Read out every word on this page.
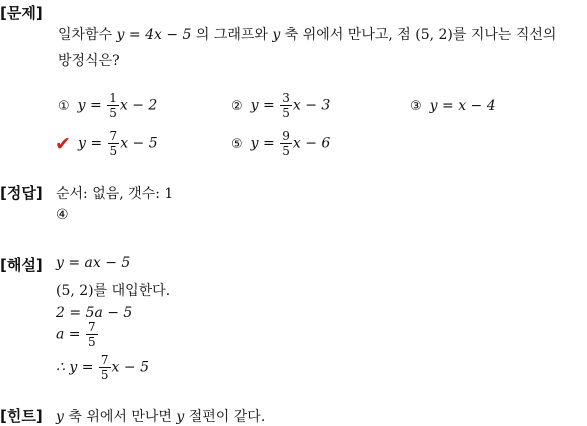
[문제]
일차함수 y = 4x − 5 의 그래프와 y 축 위에서 만나고, 점 (5, 2)를 지나는 직선의
방정식은?
① $y = \frac{1}{5}$ x − 2	② $y = \frac{3}{5}$ x − 3	③ y = x − 4
✔ $y = \frac{7}{5}$ x − 5	⑤ $y = \frac{9}{5}$ x − 6
[정답] 순서: 없음, 갯수: 1
④
[해설] y = ax − 5
(5, 2)를 대입한다.
2 = 5a − 5
$a = \frac{7}{5}$
∴ $y = \frac{7}{5}$ x − 5
[힌트] y 축 위에서 만나면 y 절편이 같다.
